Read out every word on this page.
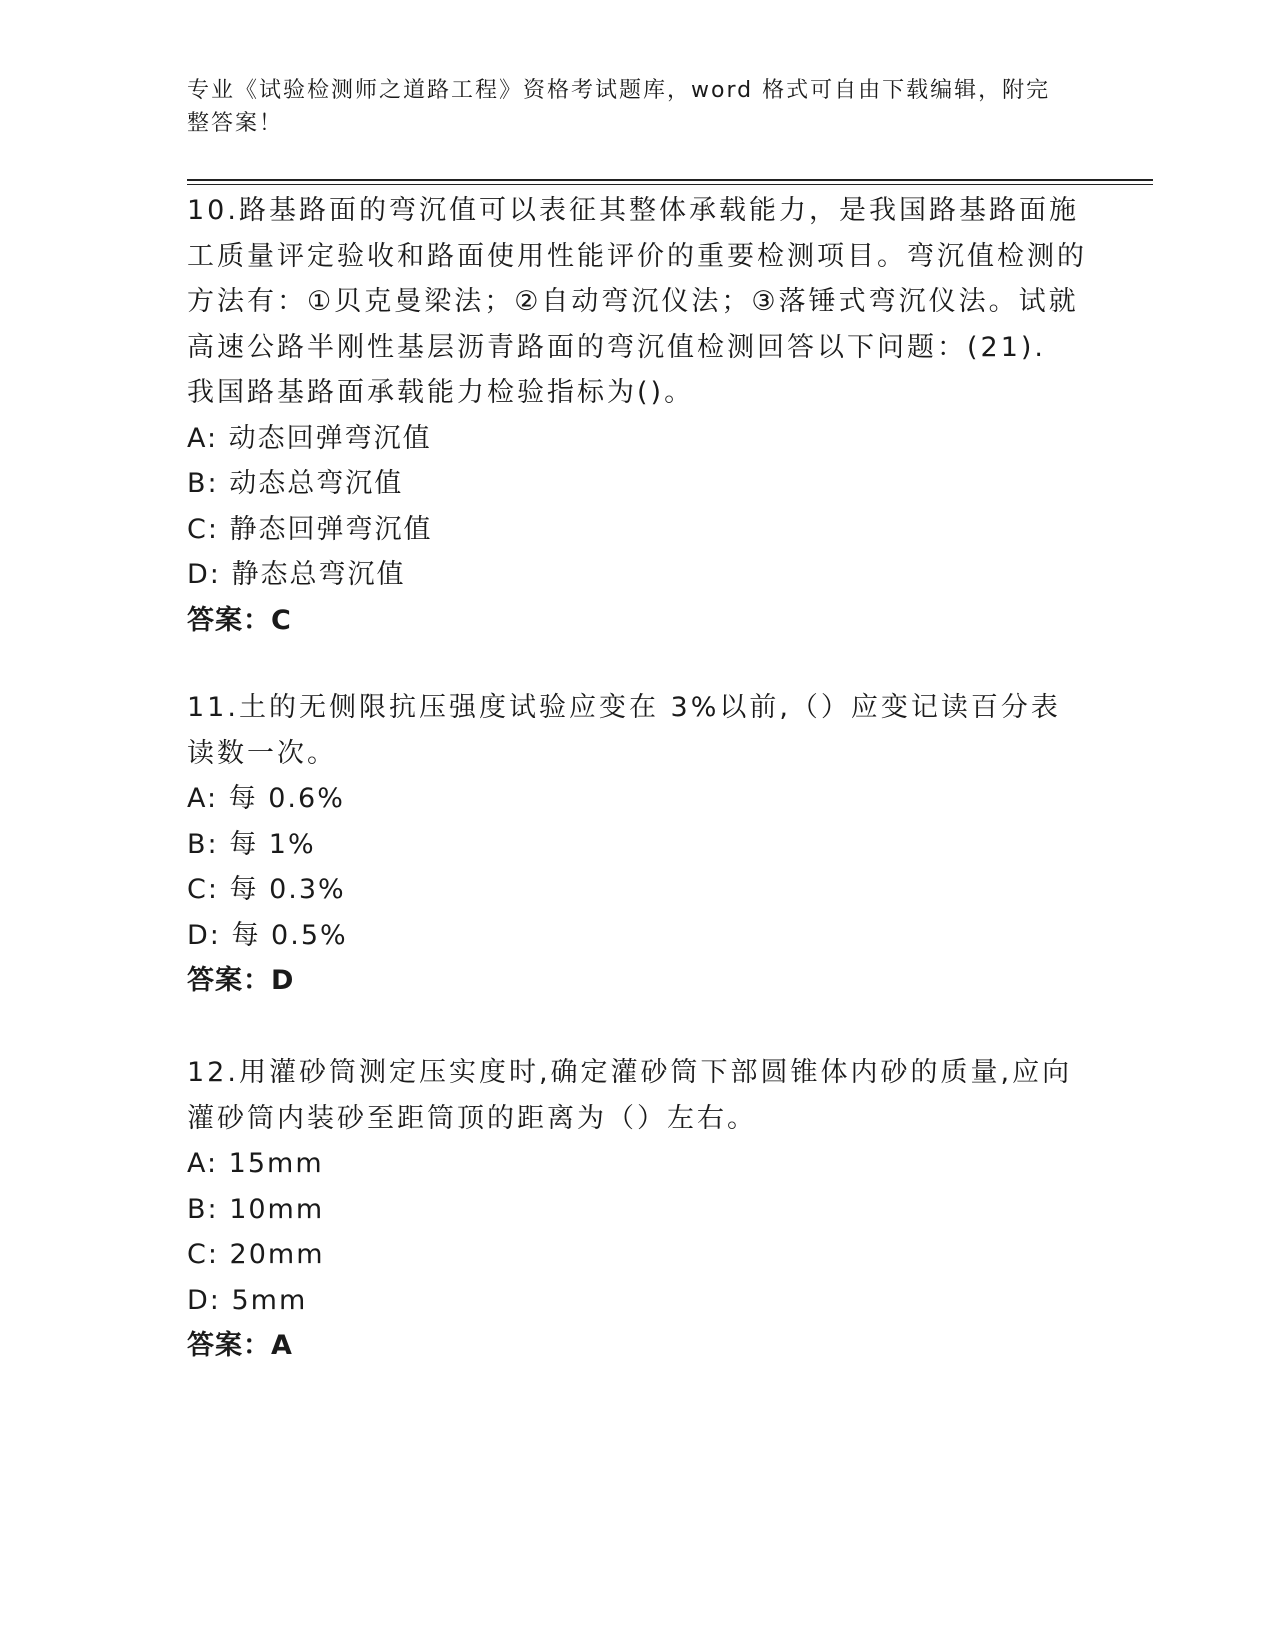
专业《试验检测师之道路工程》资格考试题库，word 格式可自由下载编辑，附完整答案！
10.路基路面的弯沉值可以表征其整体承载能力，是我国路基路面施工质量评定验收和路面使用性能评价的重要检测项目。弯沉值检测的方法有：①贝克曼梁法；②自动弯沉仪法；③落锤式弯沉仪法。试就高速公路半刚性基层沥青路面的弯沉值检测回答以下问题：(21). 我国路基路面承载能力检验指标为()。
A: 动态回弹弯沉值
B: 动态总弯沉值
C: 静态回弹弯沉值
D: 静态总弯沉值
答案：C
11.土的无侧限抗压强度试验应变在 3%以前,（）应变记读百分表读数一次。
A: 每 0.6%
B: 每 1%
C: 每 0.3%
D: 每 0.5%
答案：D
12.用灌砂筒测定压实度时,确定灌砂筒下部圆锥体内砂的质量,应向灌砂筒内装砂至距筒顶的距离为（）左右。
A: 15mm
B: 10mm
C: 20mm
D: 5mm
答案：A
